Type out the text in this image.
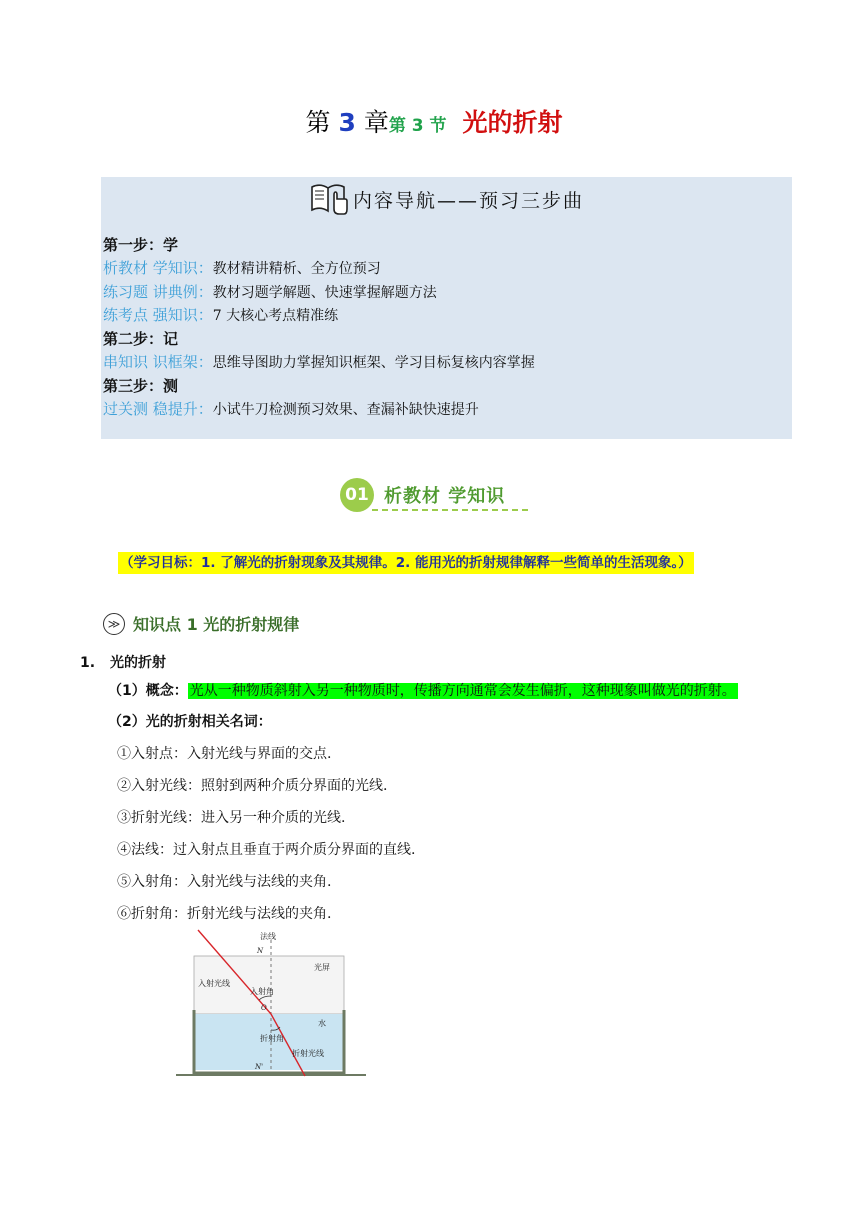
第 3 章第 3 节 光的折射
内容导航——预习三步曲
第一步：学
析教材 学知识：教材精讲精析、全方位预习
练习题 讲典例：教材习题学解题、快速掌握解题方法
练考点 强知识：7 大核心考点精准练
第二步：记
串知识 识框架：思维导图助力掌握知识框架、学习目标复核内容掌握
第三步：测
过关测 稳提升：小试牛刀检测预习效果、查漏补缺快速提升
01 析教材 学知识
（学习目标：1. 了解光的折射现象及其规律。2. 能用光的折射规律解释一些简单的生活现象。）
≫ 知识点 1 光的折射规律
1. 光的折射
（1）概念： 光从一种物质斜射入另一种物质时，传播方向通常会发生偏折，这种现象叫做光的折射。
（2）光的折射相关名词：
①入射点：入射光线与界面的交点.
②入射光线：照射到两种介质分界面的光线.
③折射光线：进入另一种介质的光线.
④法线：过入射点且垂直于两介质分界面的直线.
⑤入射角：入射光线与法线的夹角.
⑥折射角：折射光线与法线的夹角.
法线
N
光屏
入射光线
入射角
O
水
折射角
折射光线
N'
